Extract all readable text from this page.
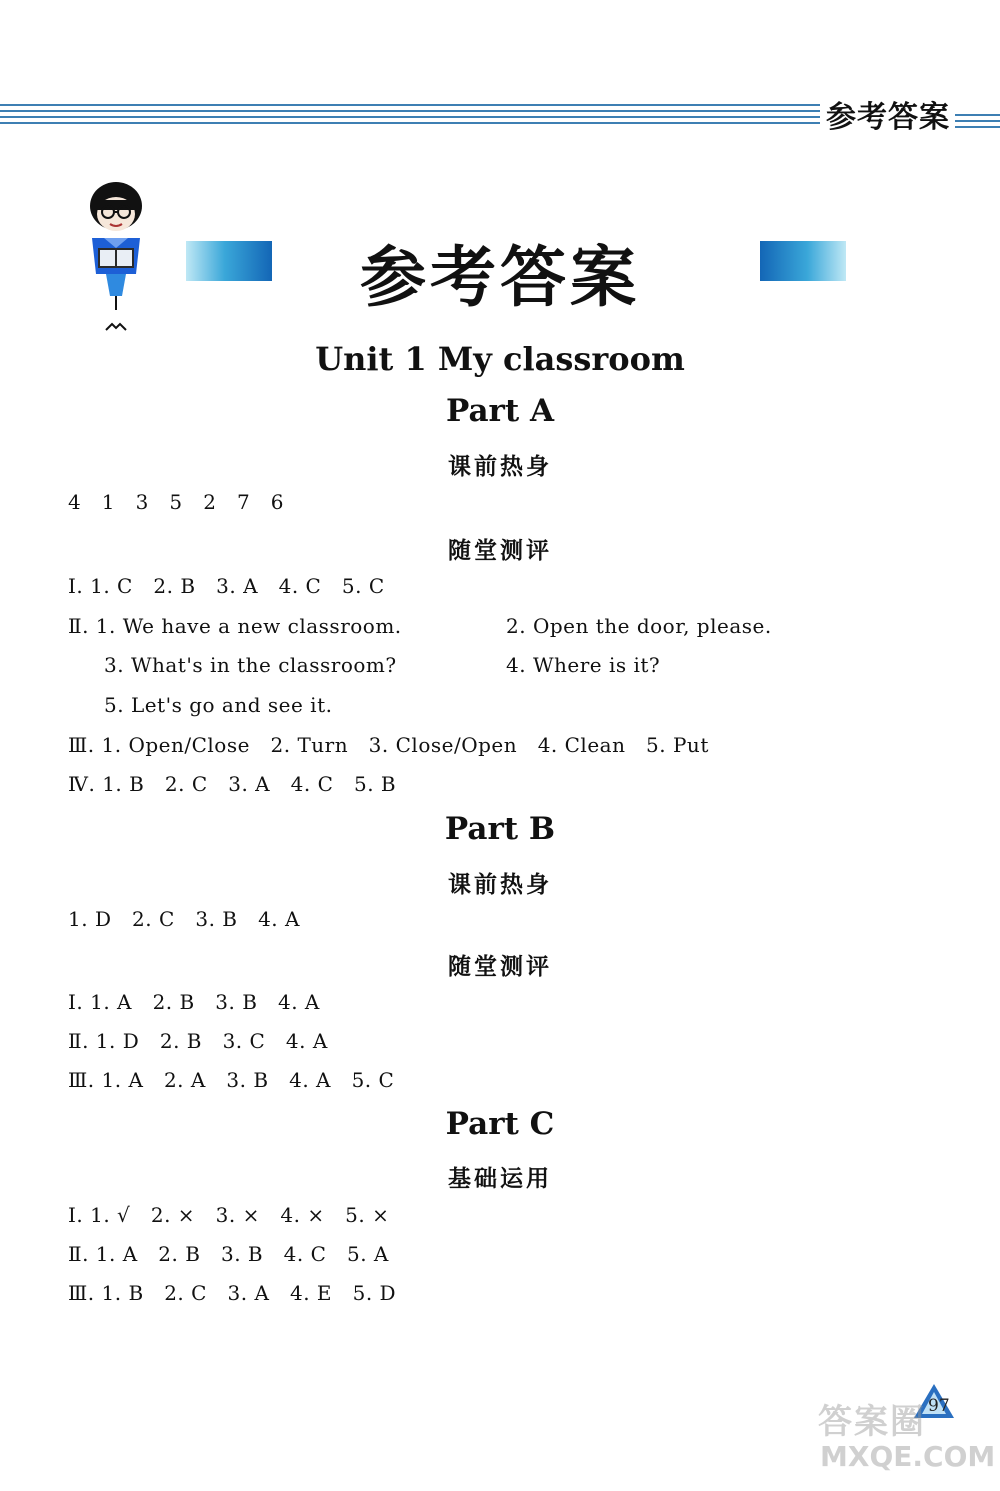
参考答案
参考答案
Unit 1 My classroom
Part A
课前热身
4   1   3   5   2   7   6
随堂测评
Ⅰ. 1. C   2. B   3. A   4. C   5. C
Ⅱ. 1. We have a new classroom.	2. Open the door, please.
3. What's in the classroom?	4. Where is it?
5. Let's go and see it.
Ⅲ. 1. Open/Close   2. Turn   3. Close/Open   4. Clean   5. Put
Ⅳ. 1. B   2. C   3. A   4. C   5. B
Part B
课前热身
1. D   2. C   3. B   4. A
随堂测评
Ⅰ. 1. A   2. B   3. B   4. A
Ⅱ. 1. D   2. B   3. C   4. A
Ⅲ. 1. A   2. A   3. B   4. A   5. C
Part C
基础运用
Ⅰ. 1. √   2. ×   3. ×   4. ×   5. ×
Ⅱ. 1. A   2. B   3. B   4. C   5. A
Ⅲ. 1. B   2. C   3. A   4. E   5. D
97
答案圈
MXQE.COM
